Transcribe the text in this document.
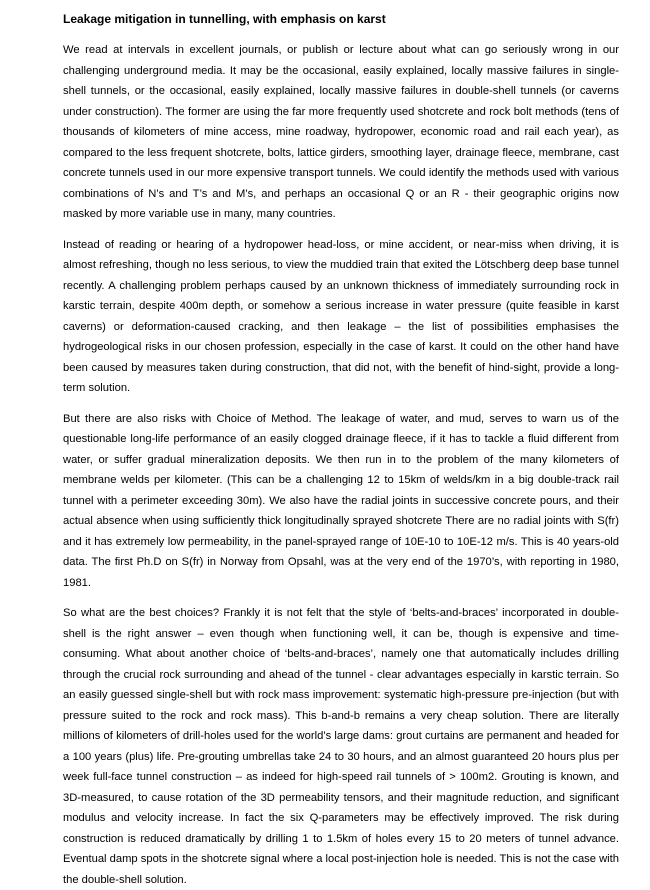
Leakage mitigation in tunnelling, with emphasis on karst

We read at intervals in excellent journals, or publish or lecture about what can go seriously wrong in our challenging underground media. It may be the occasional, easily explained, locally massive failures in single-shell tunnels, or the occasional, easily explained, locally massive failures in double-shell tunnels (or caverns under construction). The former are using the far more frequently used shotcrete and rock bolt methods (tens of thousands of kilometers of mine access, mine roadway, hydropower, economic road and rail each year), as compared to the less frequent shotcrete, bolts, lattice girders, smoothing layer, drainage fleece, membrane, cast concrete tunnels used in our more expensive transport tunnels. We could identify the methods used with various combinations of N’s and T’s and M’s, and perhaps an occasional Q or an R - their geographic origins now masked by more variable use in many, many countries.

Instead of reading or hearing of a hydropower head-loss, or mine accident, or near-miss when driving, it is almost refreshing, though no less serious, to view the muddied train that exited the Lötschberg deep base tunnel recently. A challenging problem perhaps caused by an unknown thickness of immediately surrounding rock in karstic terrain, despite 400m depth, or somehow a serious increase in water pressure (quite feasible in karst caverns) or deformation-caused cracking, and then leakage – the list of possibilities emphasises the hydrogeological risks in our chosen profession, especially in the case of karst. It could on the other hand have been caused by measures taken during construction, that did not, with the benefit of hind-sight, provide a long-term solution.

But there are also risks with Choice of Method. The leakage of water, and mud, serves to warn us of the questionable long-life performance of an easily clogged drainage fleece, if it has to tackle a fluid different from water, or suffer gradual mineralization deposits. We then run in to the problem of the many kilometers of membrane welds per kilometer. (This can be a challenging 12 to 15km of welds/km in a big double-track rail tunnel with a perimeter exceeding 30m). We also have the radial joints in successive concrete pours, and their actual absence when using sufficiently thick longitudinally sprayed shotcrete There are no radial joints with S(fr) and it has extremely low permeability, in the panel-sprayed range of 10E-10 to 10E-12 m/s. This is 40 years-old data. The first Ph.D on S(fr) in Norway from Opsahl, was at the very end of the 1970’s, with reporting in 1980, 1981.

So what are the best choices? Frankly it is not felt that the style of ‘belts-and-braces’ incorporated in double-shell is the right answer – even though when functioning well, it can be, though is expensive and time-consuming. What about another choice of ‘belts-and-braces’, namely one that automatically includes drilling through the crucial rock surrounding and ahead of the tunnel - clear advantages especially in karstic terrain. So an easily guessed single-shell but with rock mass improvement: systematic high-pressure pre-injection (but with pressure suited to the rock and rock mass). This b-and-b remains a very cheap solution. There are literally millions of kilometers of drill-holes used for the world’s large dams: grout curtains are permanent and headed for a 100 years (plus) life. Pre-grouting umbrellas take 24 to 30 hours, and an almost guaranteed 20 hours plus per week full-face tunnel construction – as indeed for high-speed rail tunnels of > 100m2. Grouting is known, and 3D-measured, to cause rotation of the 3D permeability tensors, and their magnitude reduction, and significant modulus and velocity increase. In fact the six Q-parameters may be effectively improved. The risk during construction is reduced dramatically by drilling 1 to 1.5km of holes every 15 to 20 meters of tunnel advance. Eventual damp spots in the shotcrete signal where a local post-injection hole is needed. This is not the case with the double-shell solution.
